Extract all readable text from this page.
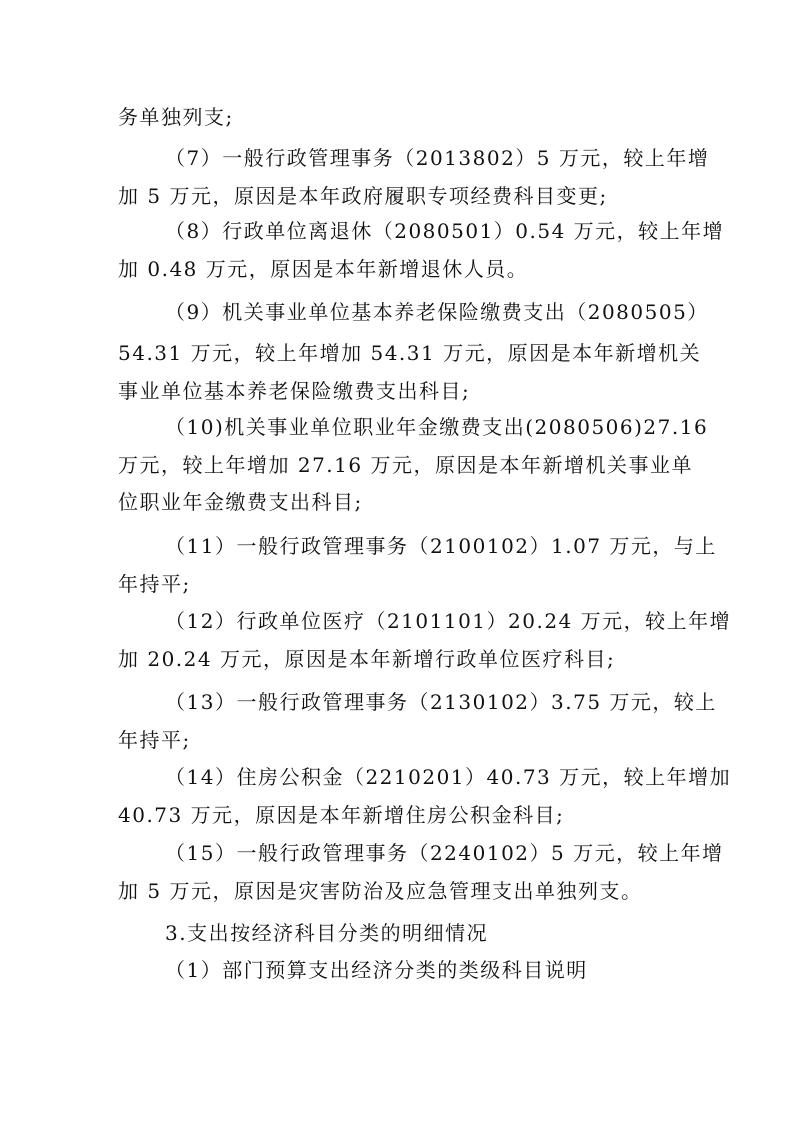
务单独列支;
（7）一般行政管理事务（2013802）5 万元，较上年增
加 5 万元，原因是本年政府履职专项经费科目变更;
（8）行政单位离退休（2080501）0.54 万元，较上年增
加 0.48 万元，原因是本年新增退休人员。
（9）机关事业单位基本养老保险缴费支出（2080505）
54.31 万元，较上年增加 54.31 万元，原因是本年新增机关
事业单位基本养老保险缴费支出科目;
（10)机关事业单位职业年金缴费支出(2080506)27.16
万元，较上年增加 27.16 万元，原因是本年新增机关事业单
位职业年金缴费支出科目;
（11）一般行政管理事务（2100102）1.07 万元，与上
年持平;
（12）行政单位医疗（2101101）20.24 万元，较上年增
加 20.24 万元，原因是本年新增行政单位医疗科目;
（13）一般行政管理事务（2130102）3.75 万元，较上
年持平;
（14）住房公积金（2210201）40.73 万元，较上年增加
40.73 万元，原因是本年新增住房公积金科目;
（15）一般行政管理事务（2240102）5 万元，较上年增
加 5 万元，原因是灾害防治及应急管理支出单独列支。
3.支出按经济科目分类的明细情况
（1）部门预算支出经济分类的类级科目说明
